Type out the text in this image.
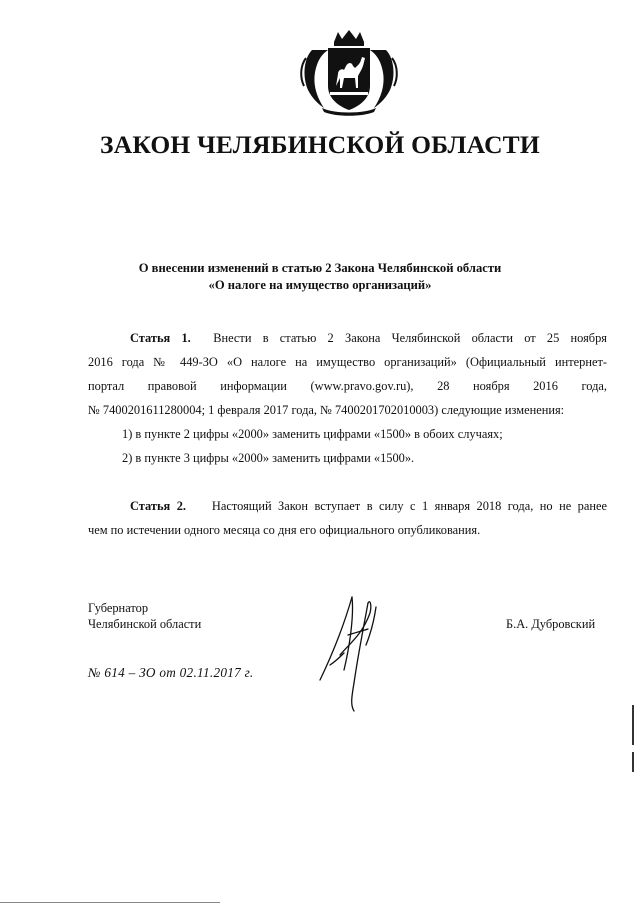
ЗАКОН ЧЕЛЯБИНСКОЙ ОБЛАСТИ
О внесении изменений в статью 2 Закона Челябинской области
«О налоге на имущество организаций»
Статья 1. Внести в статью 2 Закона Челябинской области от 25 ноября
2016 года № 449-ЗО «О налоге на имущество организаций» (Официальный интернет-
портал правовой информации (www.pravo.gov.ru), 28 ноября 2016 года,
№ 7400201611280004; 1 февраля 2017 года, № 7400201702010003) следующие изменения:
1) в пункте 2 цифры «2000» заменить цифрами «1500» в обоих случаях;
2) в пункте 3 цифры «2000» заменить цифрами «1500».
Статья 2. Настоящий Закон вступает в силу с 1 января 2018 года, но не ранее
чем по истечении одного месяца со дня его официального опубликования.
Губернатор
Челябинской области	Б.А. Дубровский
№ 614 – ЗО от 02.11.2017 г.
